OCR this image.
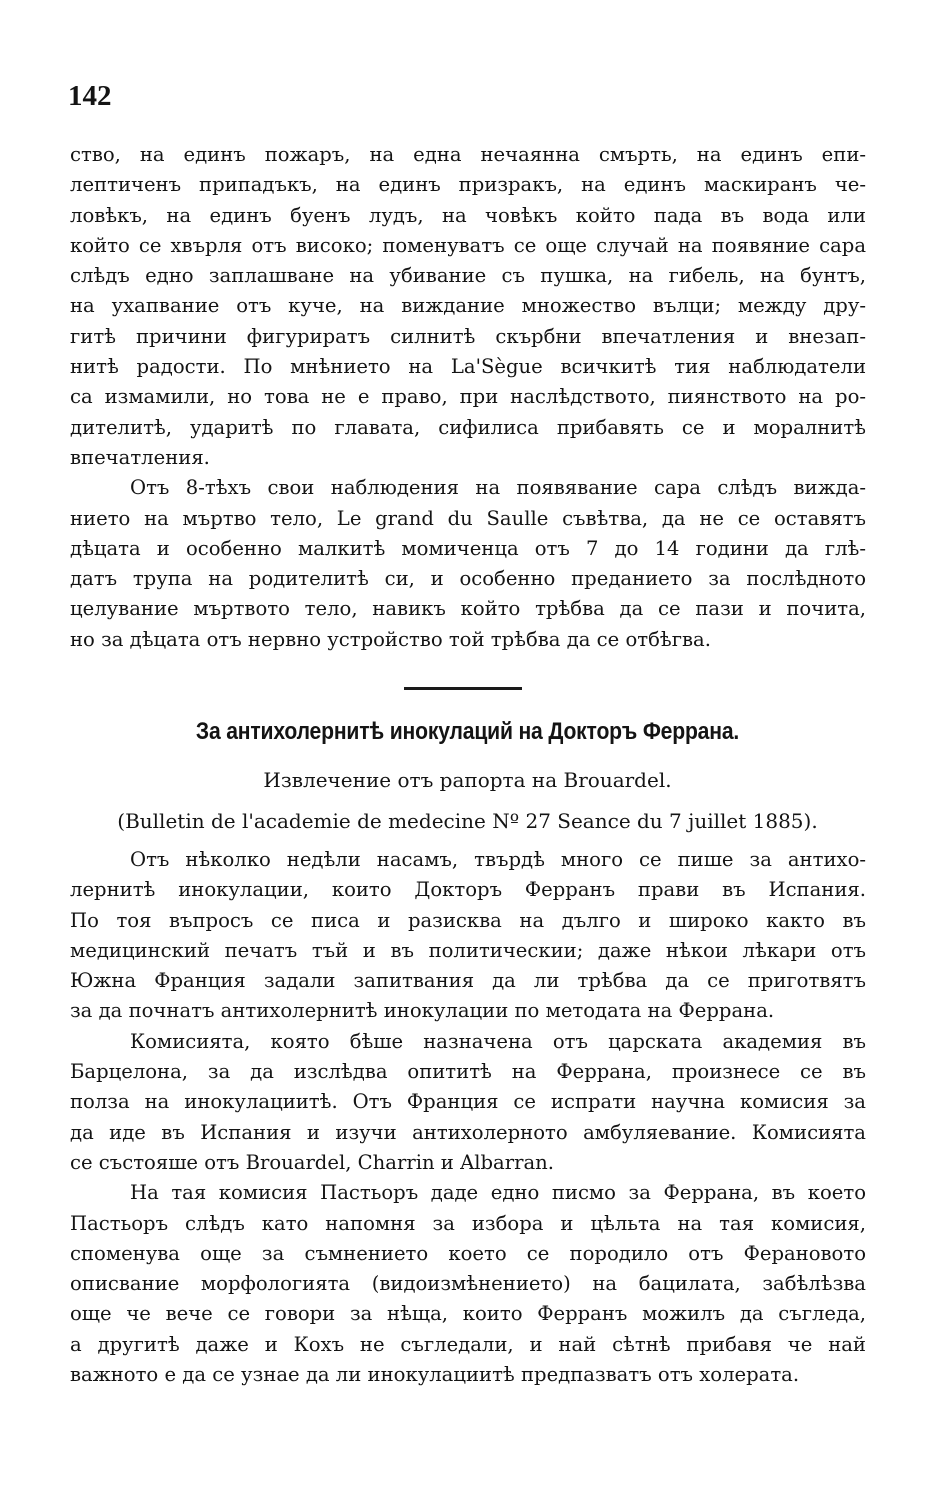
142

ство, на единъ пожаръ, на една нечаянна смърть, на единъ епи-
лептиченъ припадъкъ, на единъ призракъ, на единъ маскиранъ че-
ловѣкъ, на единъ буенъ лудъ, на човѣкъ който пада въ вода или
който се хвърля отъ високо; поменуватъ се още случай на появяние сара
слѣдъ едно заплашване на убивание съ пушка, на гибель, на бунтъ,
на ухапвание отъ куче, на виждание множество вълци; между дру-
гитѣ причини фигуриратъ силнитѣ скърбни впечатления и внезап-
нитѣ радости. По мнѣнието на La'Sègue всичкитѣ тия наблюдатели
са измамили, но това не е право, при наслѣдството, пиянството на ро-
дителитѣ, ударитѣ по главата, сифилиса прибавять се и моралнитѣ
впечатления.

Отъ 8-тѣхъ свои наблюдения на появявание сара слѣдъ вижда-
нието на мъртво тело, Le grand du Saulle съвѣтва, да не се оставятъ
дѣцата и особенно малкитѣ момиченца отъ 7 до 14 години да глѣ-
датъ трупа на родителитѣ си, и особенно преданието за послѣдното
целувание мъртвото тело, навикъ който трѣбва да се пази и почита,
но за дѣцата отъ нервно устройство той трѣбва да се отбѣгва.

За антихолернитѣ инокулаций на Докторъ Феррана.
Извлечение отъ рапорта на Brouardel.
(Bulletin de l'academie de medecine Nº 27 Seance du 7 juillet 1885).

Отъ нѣколко недѣли насамъ, твърдѣ много се пише за антихо-
лернитѣ инокулации, които Докторъ Ферранъ прави въ Испания.
По тоя въпросъ се писа и разисква на дълго и широко както въ
медицинский печатъ тъй и въ политическии; даже нѣкои лѣкари отъ
Южна Франция задали запитвания да ли трѣбва да се приготвятъ
за да почнатъ антихолернитѣ инокулации по методата на Феррана.

Комисията, която бѣше назначена отъ царската академия въ
Барцелона, за да изслѣдва опититѣ на Феррана, произнесе се въ
полза на инокулациитѣ. Отъ Франция се испрати научна комисия за
да иде въ Испания и изучи антихолерното амбуляевание. Комисията
се състояше отъ Brouardel, Charrin и Albarran.

На тая комисия Пастьоръ даде едно писмо за Феррана, въ което
Пастьоръ слѣдъ като напомня за избора и цѣльта на тая комисия,
споменува още за съмнението което се породило отъ Ферановото
описвание морфологията (видоизмѣнението) на бацилата, забѣлѣзва
още че вече се говори за нѣща, които Ферранъ можилъ да съгледа,
а другитѣ даже и Кохъ не съгледали, и най сѣтнѣ прибавя че най
важното е да се узнае да ли инокулациитѣ предпазватъ отъ холерата.
